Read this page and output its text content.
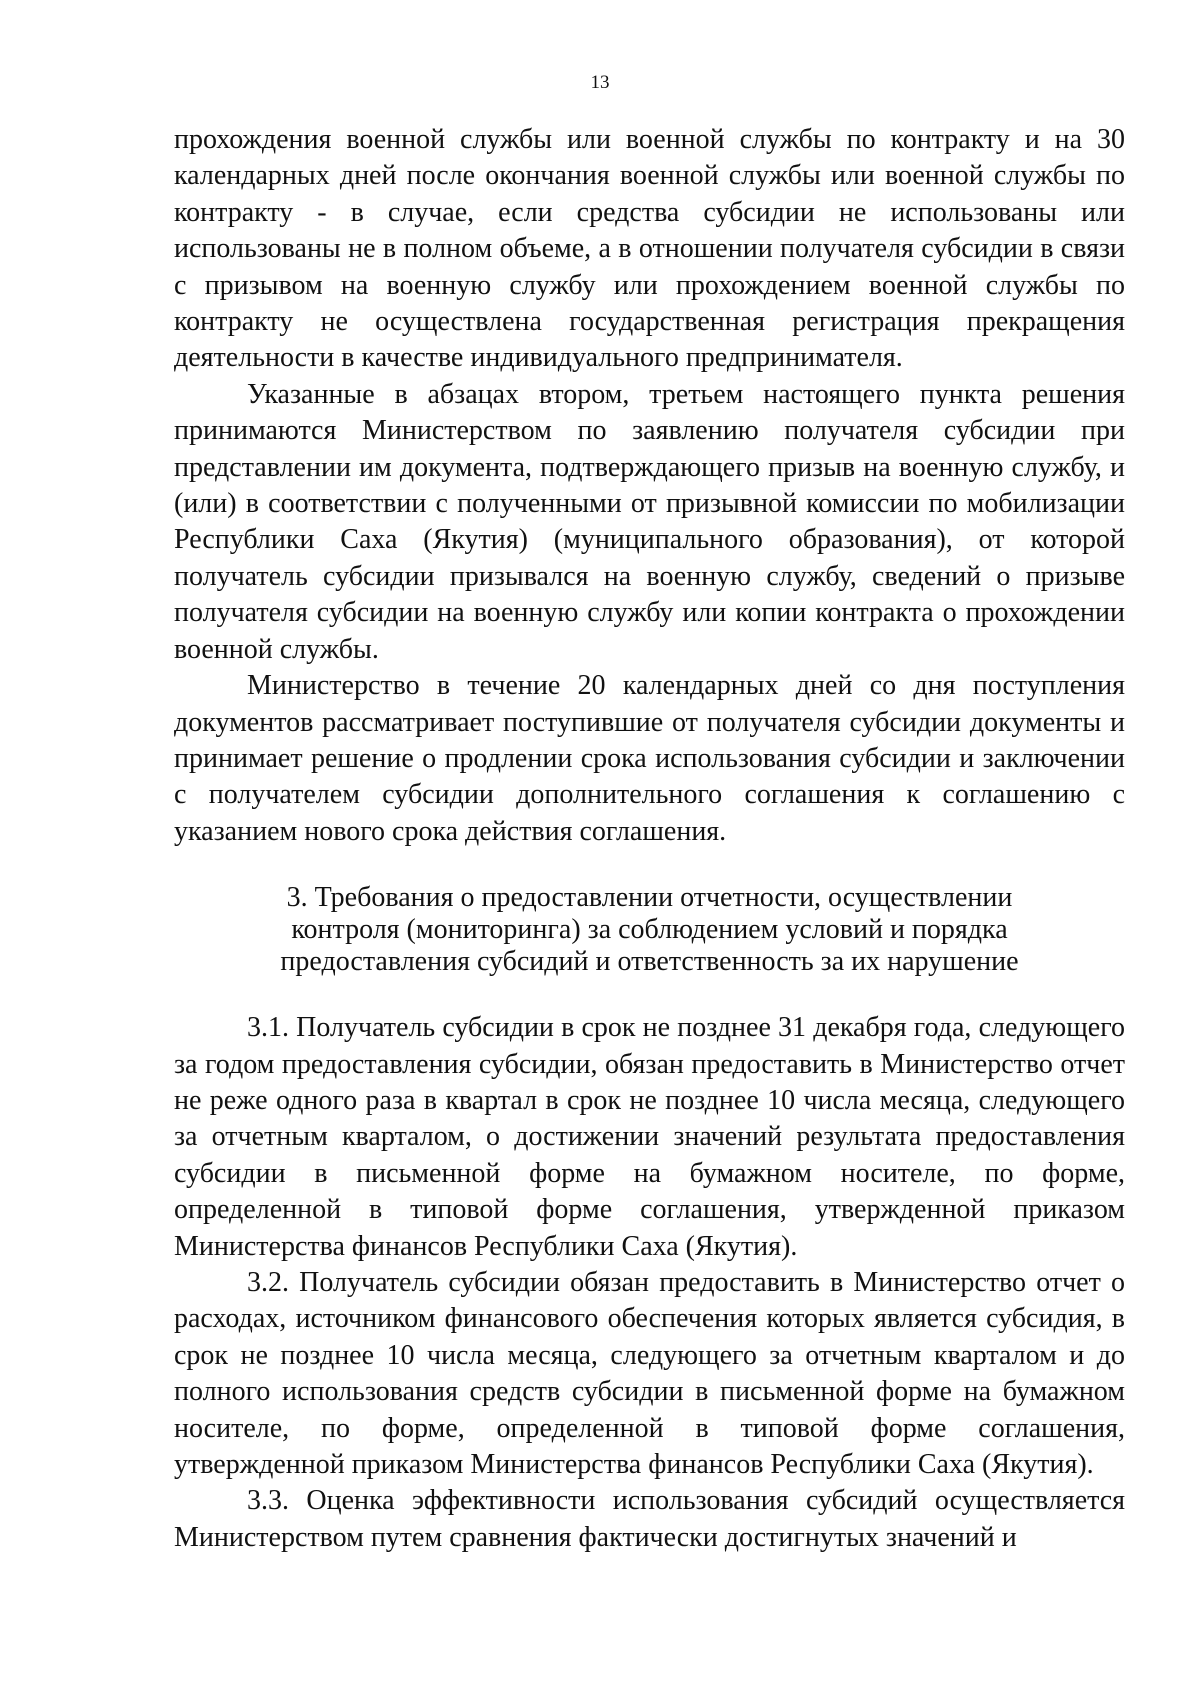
13

прохождения военной службы или военной службы по контракту и на 30 календарных дней после окончания военной службы или военной службы по контракту - в случае, если средства субсидии не использованы или использованы не в полном объеме, а в отношении получателя субсидии в связи с призывом на военную службу или прохождением военной службы по контракту не осуществлена государственная регистрация прекращения деятельности в качестве индивидуального предпринимателя.

Указанные в абзацах втором, третьем настоящего пункта решения принимаются Министерством по заявлению получателя субсидии при представлении им документа, подтверждающего призыв на военную службу, и (или) в соответствии с полученными от призывной комиссии по мобилизации Республики Саха (Якутия) (муниципального образования), от которой получатель субсидии призывался на военную службу, сведений о призыве получателя субсидии на военную службу или копии контракта о прохождении военной службы.

Министерство в течение 20 календарных дней со дня поступления документов рассматривает поступившие от получателя субсидии документы и принимает решение о продлении срока использования субсидии и заключении с получателем субсидии дополнительного соглашения к соглашению с указанием нового срока действия соглашения.

3. Требования о предоставлении отчетности, осуществлении
контроля (мониторинга) за соблюдением условий и порядка
предоставления субсидий и ответственность за их нарушение

3.1. Получатель субсидии в срок не позднее 31 декабря года, следующего за годом предоставления субсидии, обязан предоставить в Министерство отчет не реже одного раза в квартал в срок не позднее 10 числа месяца, следующего за отчетным кварталом, о достижении значений результата предоставления субсидии в письменной форме на бумажном носителе, по форме, определенной в типовой форме соглашения, утвержденной приказом Министерства финансов Республики Саха (Якутия).

3.2. Получатель субсидии обязан предоставить в Министерство отчет о расходах, источником финансового обеспечения которых является субсидия, в срок не позднее 10 числа месяца, следующего за отчетным кварталом и до полного использования средств субсидии в письменной форме на бумажном носителе, по форме, определенной в типовой форме соглашения, утвержденной приказом Министерства финансов Республики Саха (Якутия).

3.3. Оценка эффективности использования субсидий осуществляется Министерством путем сравнения фактически достигнутых значений и
